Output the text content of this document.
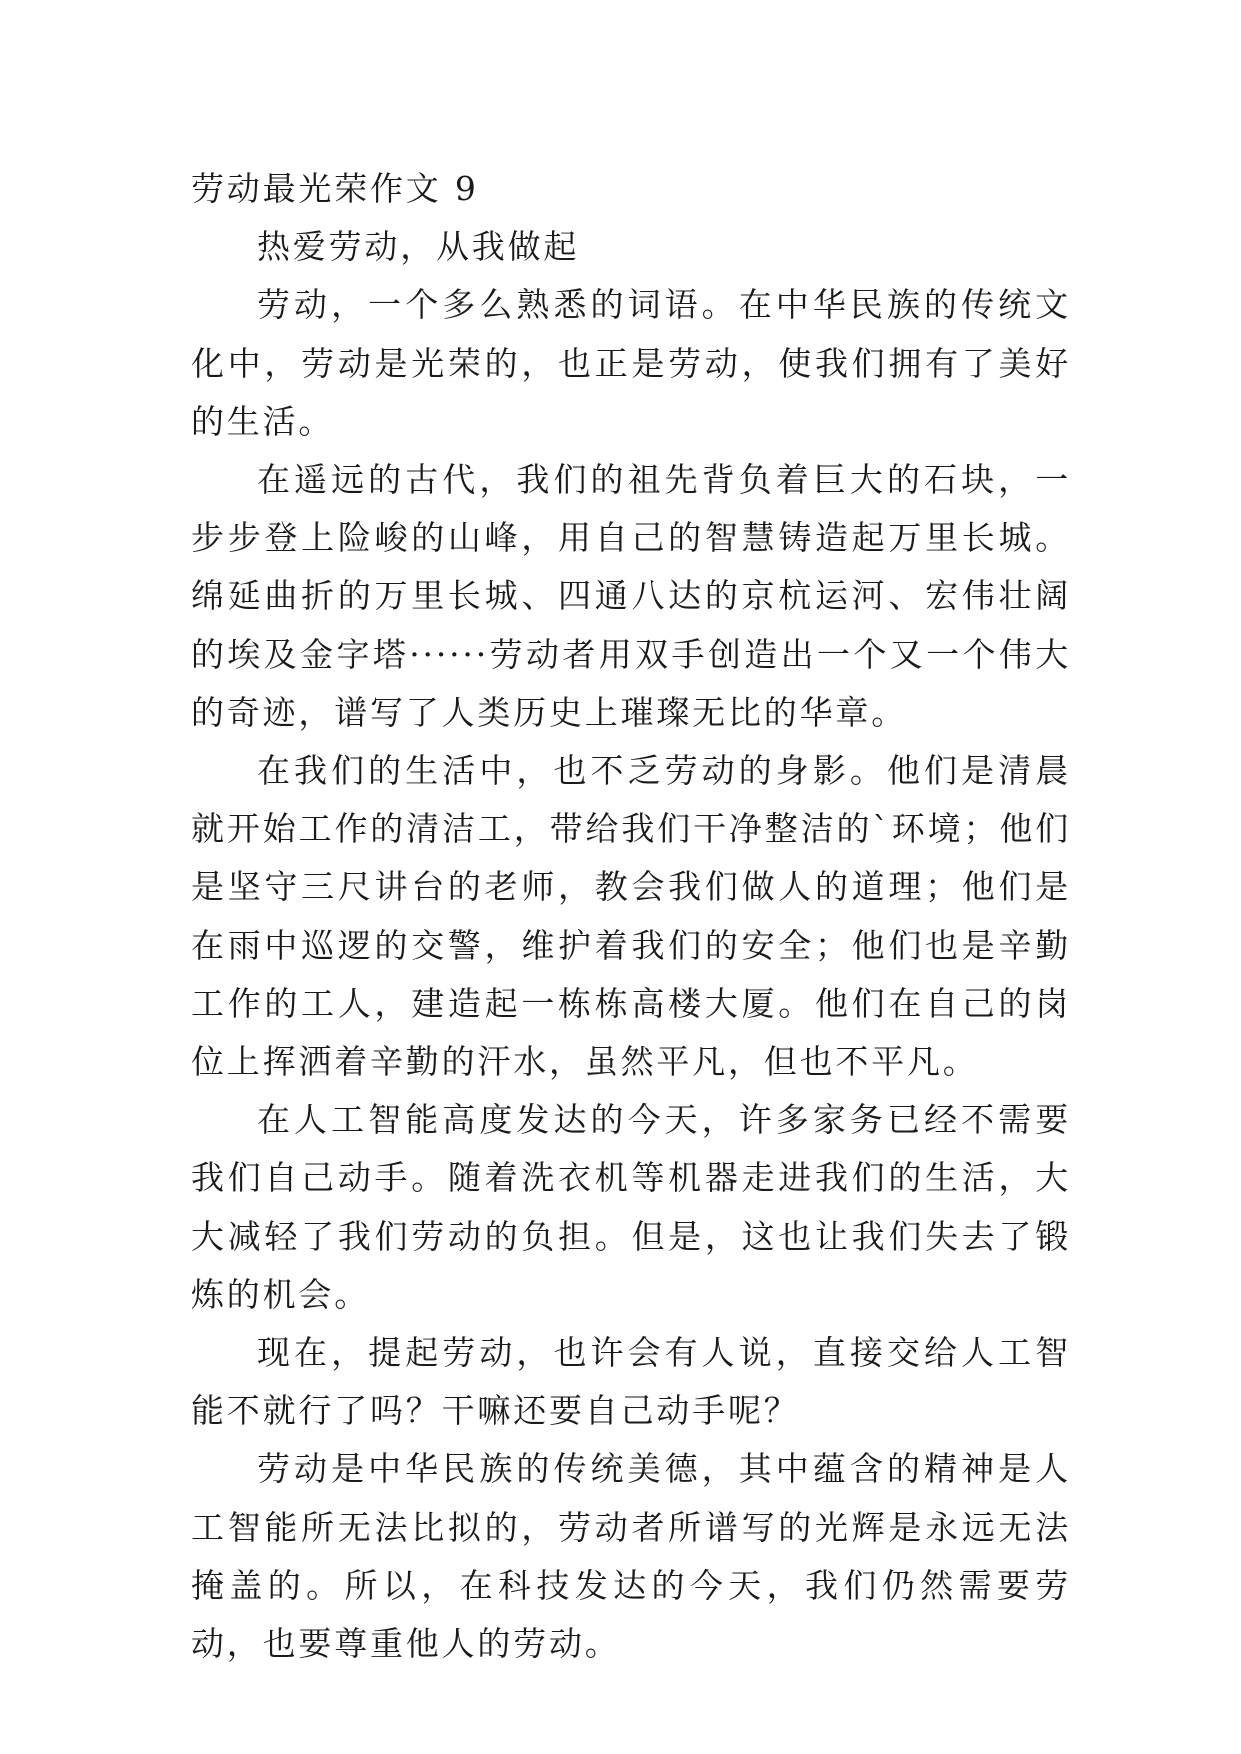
劳动最光荣作文 9

热爱劳动，从我做起

劳动，一个多么熟悉的词语。在中华民族的传统文化中，劳动是光荣的，也正是劳动，使我们拥有了美好的生活。

在遥远的古代，我们的祖先背负着巨大的石块，一步步登上险峻的山峰，用自己的智慧铸造起万里长城。绵延曲折的万里长城、四通八达的京杭运河、宏伟壮阔的埃及金字塔······劳动者用双手创造出一个又一个伟大的奇迹，谱写了人类历史上璀璨无比的华章。

在我们的生活中，也不乏劳动的身影。他们是清晨就开始工作的清洁工，带给我们干净整洁的`环境；他们是坚守三尺讲台的老师，教会我们做人的道理；他们是在雨中巡逻的交警，维护着我们的安全；他们也是辛勤工作的工人，建造起一栋栋高楼大厦。他们在自己的岗位上挥洒着辛勤的汗水，虽然平凡，但也不平凡。

在人工智能高度发达的今天，许多家务已经不需要我们自己动手。随着洗衣机等机器走进我们的生活，大大减轻了我们劳动的负担。但是，这也让我们失去了锻炼的机会。

现在，提起劳动，也许会有人说，直接交给人工智能不就行了吗？干嘛还要自己动手呢？

劳动是中华民族的传统美德，其中蕴含的精神是人工智能所无法比拟的，劳动者所谱写的光辉是永远无法掩盖的。所以，在科技发达的今天，我们仍然需要劳动，也要尊重他人的劳动。
